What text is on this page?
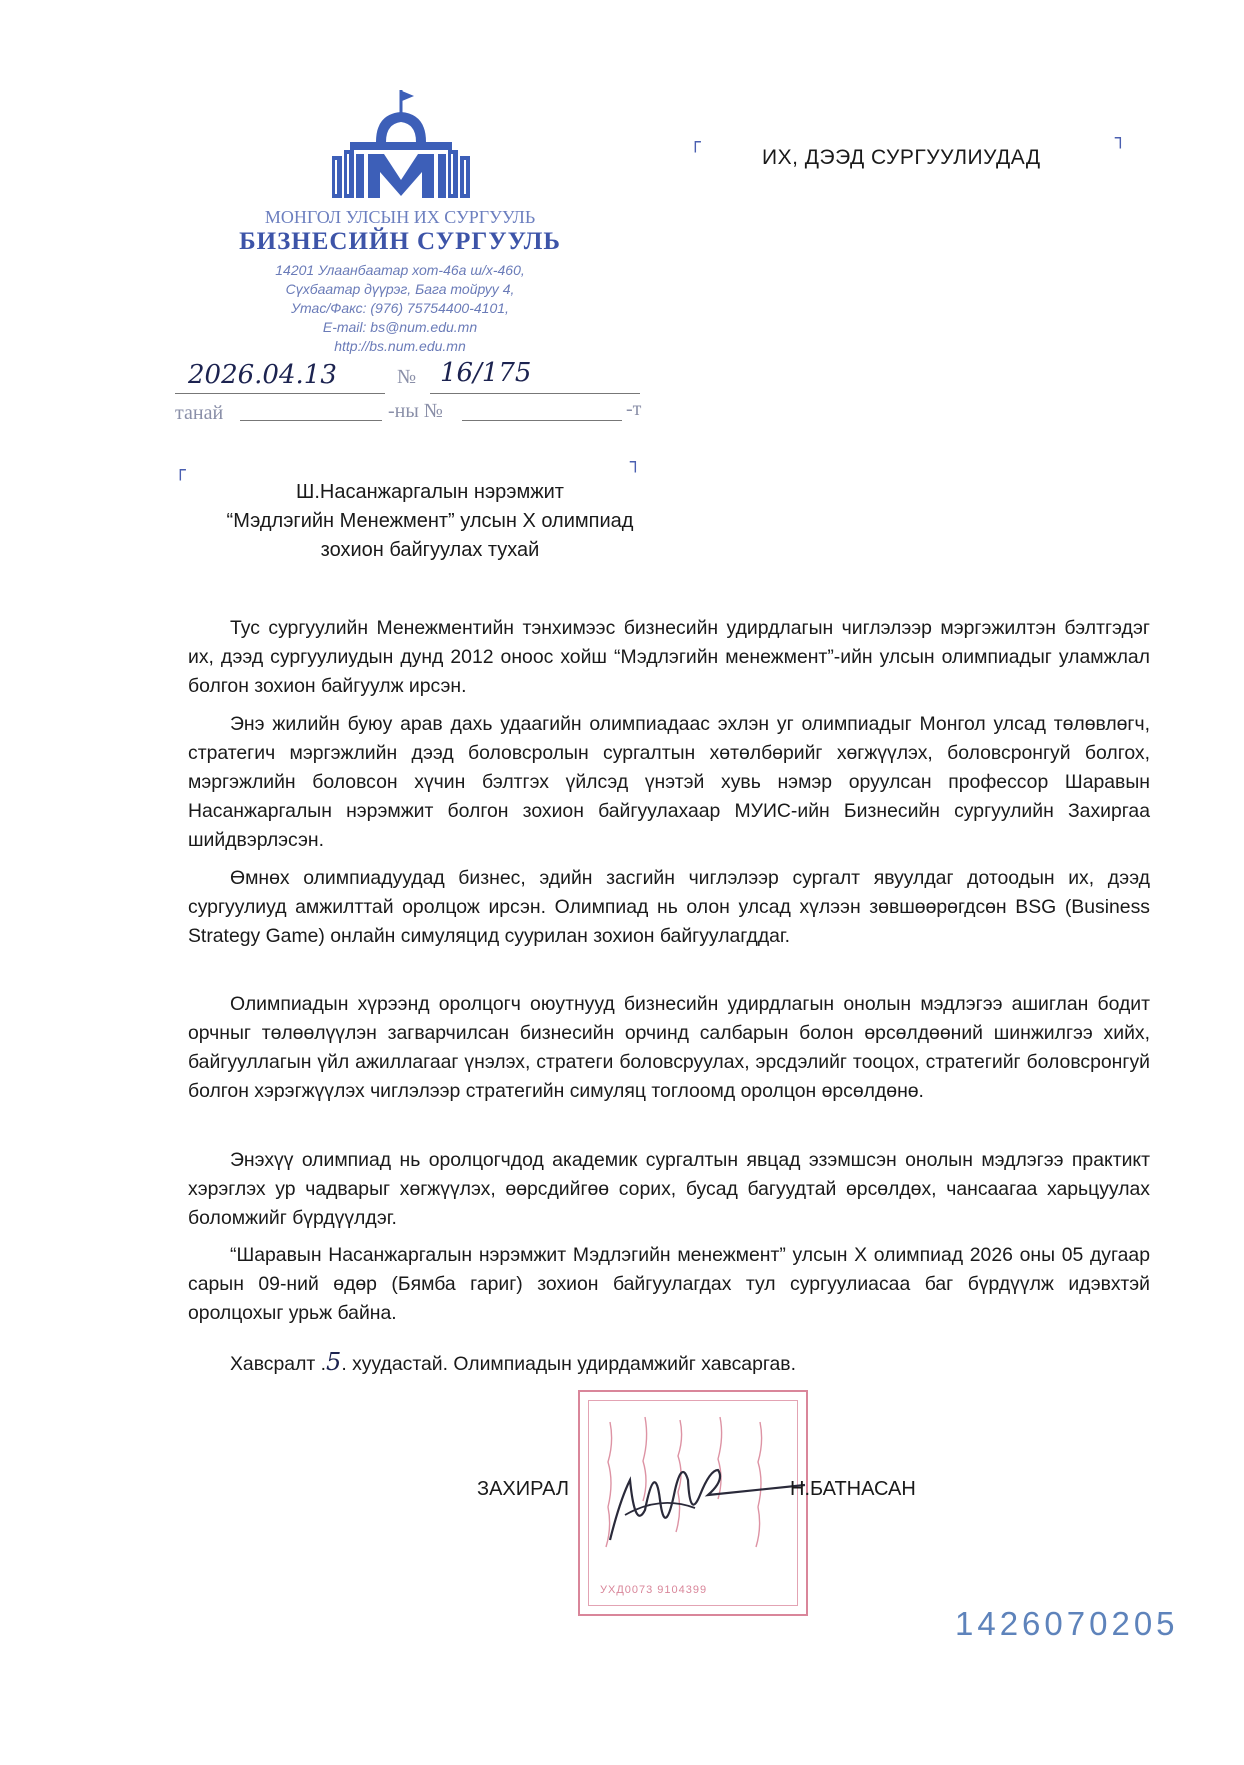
МОНГОЛ УЛСЫН ИХ СУРГУУЛЬ
БИЗНЕСИЙН СУРГУУЛЬ
14201 Улаанбаатар хот-46а ш/х-460,
Сүхбаатар дүүрэг, Бага тойруу 4,
Утас/Факс: (976) 75754400-4101,
E-mail: bs@num.edu.mn
http://bs.num.edu.mn
2026.04.13	№ 16/175
танай	-ны №	-т
┌	┐
┌	┐
ИХ, ДЭЭД СУРГУУЛИУДАД
Ш.Насанжаргалын нэрэмжит
“Мэдлэгийн Менежмент” улсын X олимпиад
зохион байгуулах тухай
Тус сургуулийн Менежментийн тэнхимээс бизнесийн удирдлагын чиглэлээр мэргэжилтэн бэлтгэдэг их, дээд сургуулиудын дунд 2012 оноос хойш “Мэдлэгийн менежмент”-ийн улсын олимпиадыг уламжлал болгон зохион байгуулж ирсэн.
Энэ жилийн буюу арав дахь удаагийн олимпиадаас эхлэн уг олимпиадыг Монгол улсад төлөвлөгч, стратегич мэргэжлийн дээд боловсролын сургалтын хөтөлбөрийг хөгжүүлэх, боловсронгуй болгох, мэргэжлийн боловсон хүчин бэлтгэх үйлсэд үнэтэй хувь нэмэр оруулсан профессор Шаравын Насанжаргалын нэрэмжит болгон зохион байгуулахаар МУИС-ийн Бизнесийн сургуулийн Захиргаа шийдвэрлэсэн.
Өмнөх олимпиадуудад бизнес, эдийн засгийн чиглэлээр сургалт явуулдаг дотоодын их, дээд сургуулиуд амжилттай оролцож ирсэн. Олимпиад нь олон улсад хүлээн зөвшөөрөгдсөн BSG (Business Strategy Game) онлайн симуляцид суурилан зохион байгуулагддаг.
Олимпиадын хүрээнд оролцогч оюутнууд бизнесийн удирдлагын онолын мэдлэгээ ашиглан бодит орчныг төлөөлүүлэн загварчилсан бизнесийн орчинд салбарын болон өрсөлдөөний шинжилгээ хийх, байгууллагын үйл ажиллагааг үнэлэх, стратеги боловсруулах, эрсдэлийг тооцох, стратегийг боловсронгуй болгон хэрэгжүүлэх чиглэлээр стратегийн симуляц тоглоомд оролцон өрсөлдөнө.
Энэхүү олимпиад нь оролцогчдод академик сургалтын явцад эзэмшсэн онолын мэдлэгээ практикт хэрэглэх ур чадварыг хөгжүүлэх, өөрсдийгөө сорих, бусад багуудтай өрсөлдөх, чансаагаа харьцуулах боломжийг бүрдүүлдэг.
“Шаравын Насанжаргалын нэрэмжит Мэдлэгийн менежмент” улсын X олимпиад 2026 оны 05 дугаар сарын 09-ний өдөр (Бямба гариг) зохион байгуулагдах тул сургуулиасаа баг бүрдүүлж идэвхтэй оролцохыг урьж байна.
Хавсралт .5. хуудастай. Олимпиадын удирдамжийг хавсаргав.
УХД0073 9104399
ЗАХИРАЛ	Н.БАТНАСАН
1426070205
